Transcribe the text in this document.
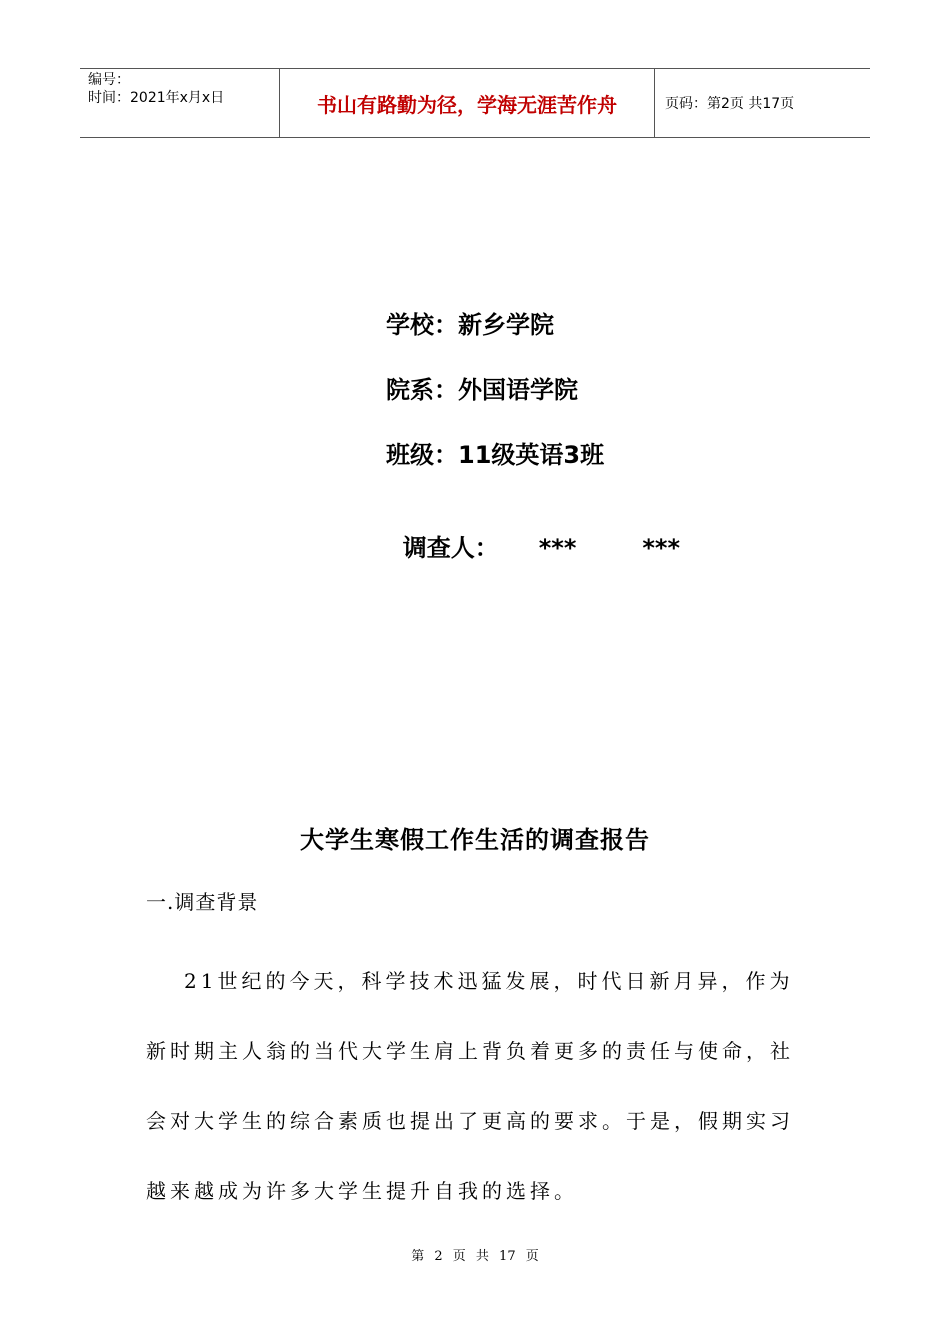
编号：
时间：2021年x月x日	书山有路勤为径，学海无涯苦作舟	页码：第2页 共17页
学校：新乡学院
院系：外国语学院
班级：11级英语3班

调查人： ***	***

大学生寒假工作生活的调查报告
一.调查背景
21世纪的今天，科学技术迅猛发展，时代日新月异，作为新时期主人翁的当代大学生肩上背负着更多的责任与使命，社会对大学生的综合素质也提出了更高的要求。于是，假期实习越来越成为许多大学生提升自我的选择。
第 2 页 共 17 页
